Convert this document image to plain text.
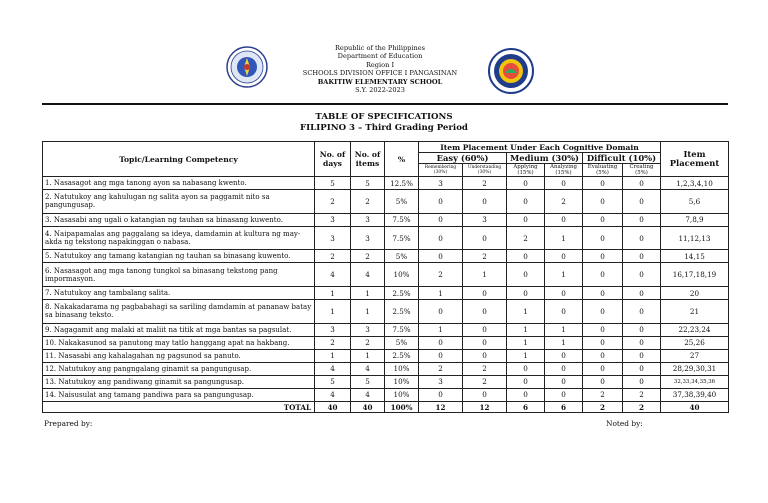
Republic of the Philippines
Department of Education
Region I
SCHOOLS DIVISION OFFICE I PANGASINAN
BAKITIW ELEMENTARY SCHOOL
S.Y. 2022-2023
TABLE OF SPECIFICATIONS
FILIPINO 3 – Third Grading Period
Topic/Learning Competency	No. of days	No. of items	%	Item Placement Under Each Cognitive Domain						Item Placement
				Easy (60%)		Medium (30%)		Difficult (10%)		
				Remembering (30%)	Understanding (30%)	Applying (15%)	Analyzing (15%)	Evaluating (5%)	Creating (5%)	
1. Nasasagot ang mga tanong ayon sa nabasang kwento.	5	5	12.5%	3	2	0	0	0	0	1,2,3,4,10
2. Natutukoy ang kahulugan ng salita ayon sa paggamit nito sa pangungusap.	2	2	5%	0	0	0	2	0	0	5,6
3. Nasasabi ang ugali o katangian ng tauhan sa binasang kuwento.	3	3	7.5%	0	3	0	0	0	0	7,8,9
4. Naipapamalas ang paggalang sa ideya, damdamin at kultura ng may-akda ng tekstong napakinggan o nabasa.	3	3	7.5%	0	0	2	1	0	0	11,12,13
5. Natutukoy ang tamang katangian ng tauhan sa binasang kuwento.	2	2	5%	0	2	0	0	0	0	14,15
6. Nasasagot ang mga tanong tungkol sa binasang tekstong pang impormasyon.	4	4	10%	2	1	0	1	0	0	16,17,18,19
7. Natutukoy ang tambalang salita.	1	1	2.5%	1	0	0	0	0	0	20
8. Nakakadarama ng pagbabahagi sa sariling damdamin at pananaw batay sa binasang teksto.	1	1	2.5%	0	0	1	0	0	0	21
9. Nagagamit ang malaki at maliit na titik at mga bantas sa pagsulat.	3	3	7.5%	1	0	1	1	0	0	22,23,24
10. Nakakasunod sa panutong may tatlo hanggang apat na hakbang.	2	2	5%	0	0	1	1	0	0	25,26
11. Nasasabi ang kahalagahan ng pagsunod sa panuto.	1	1	2.5%	0	0	1	0	0	0	27
12. Natutukoy ang pangngalang ginamit sa pangungusap.	4	4	10%	2	2	0	0	0	0	28,29,30,31
13. Natutukoy ang pandiwang ginamit sa pangungusap.	5	5	10%	3	2	0	0	0	0	32,33,34,35,36
14. Naisusulat ang tamang pandiwa para sa pangungusap.	4	4	10%	0	0	0	0	2	2	37,38,39,40
TOTAL	40	40	100%	12	12	6	6	2	2	40
Prepared by:	Noted by:
